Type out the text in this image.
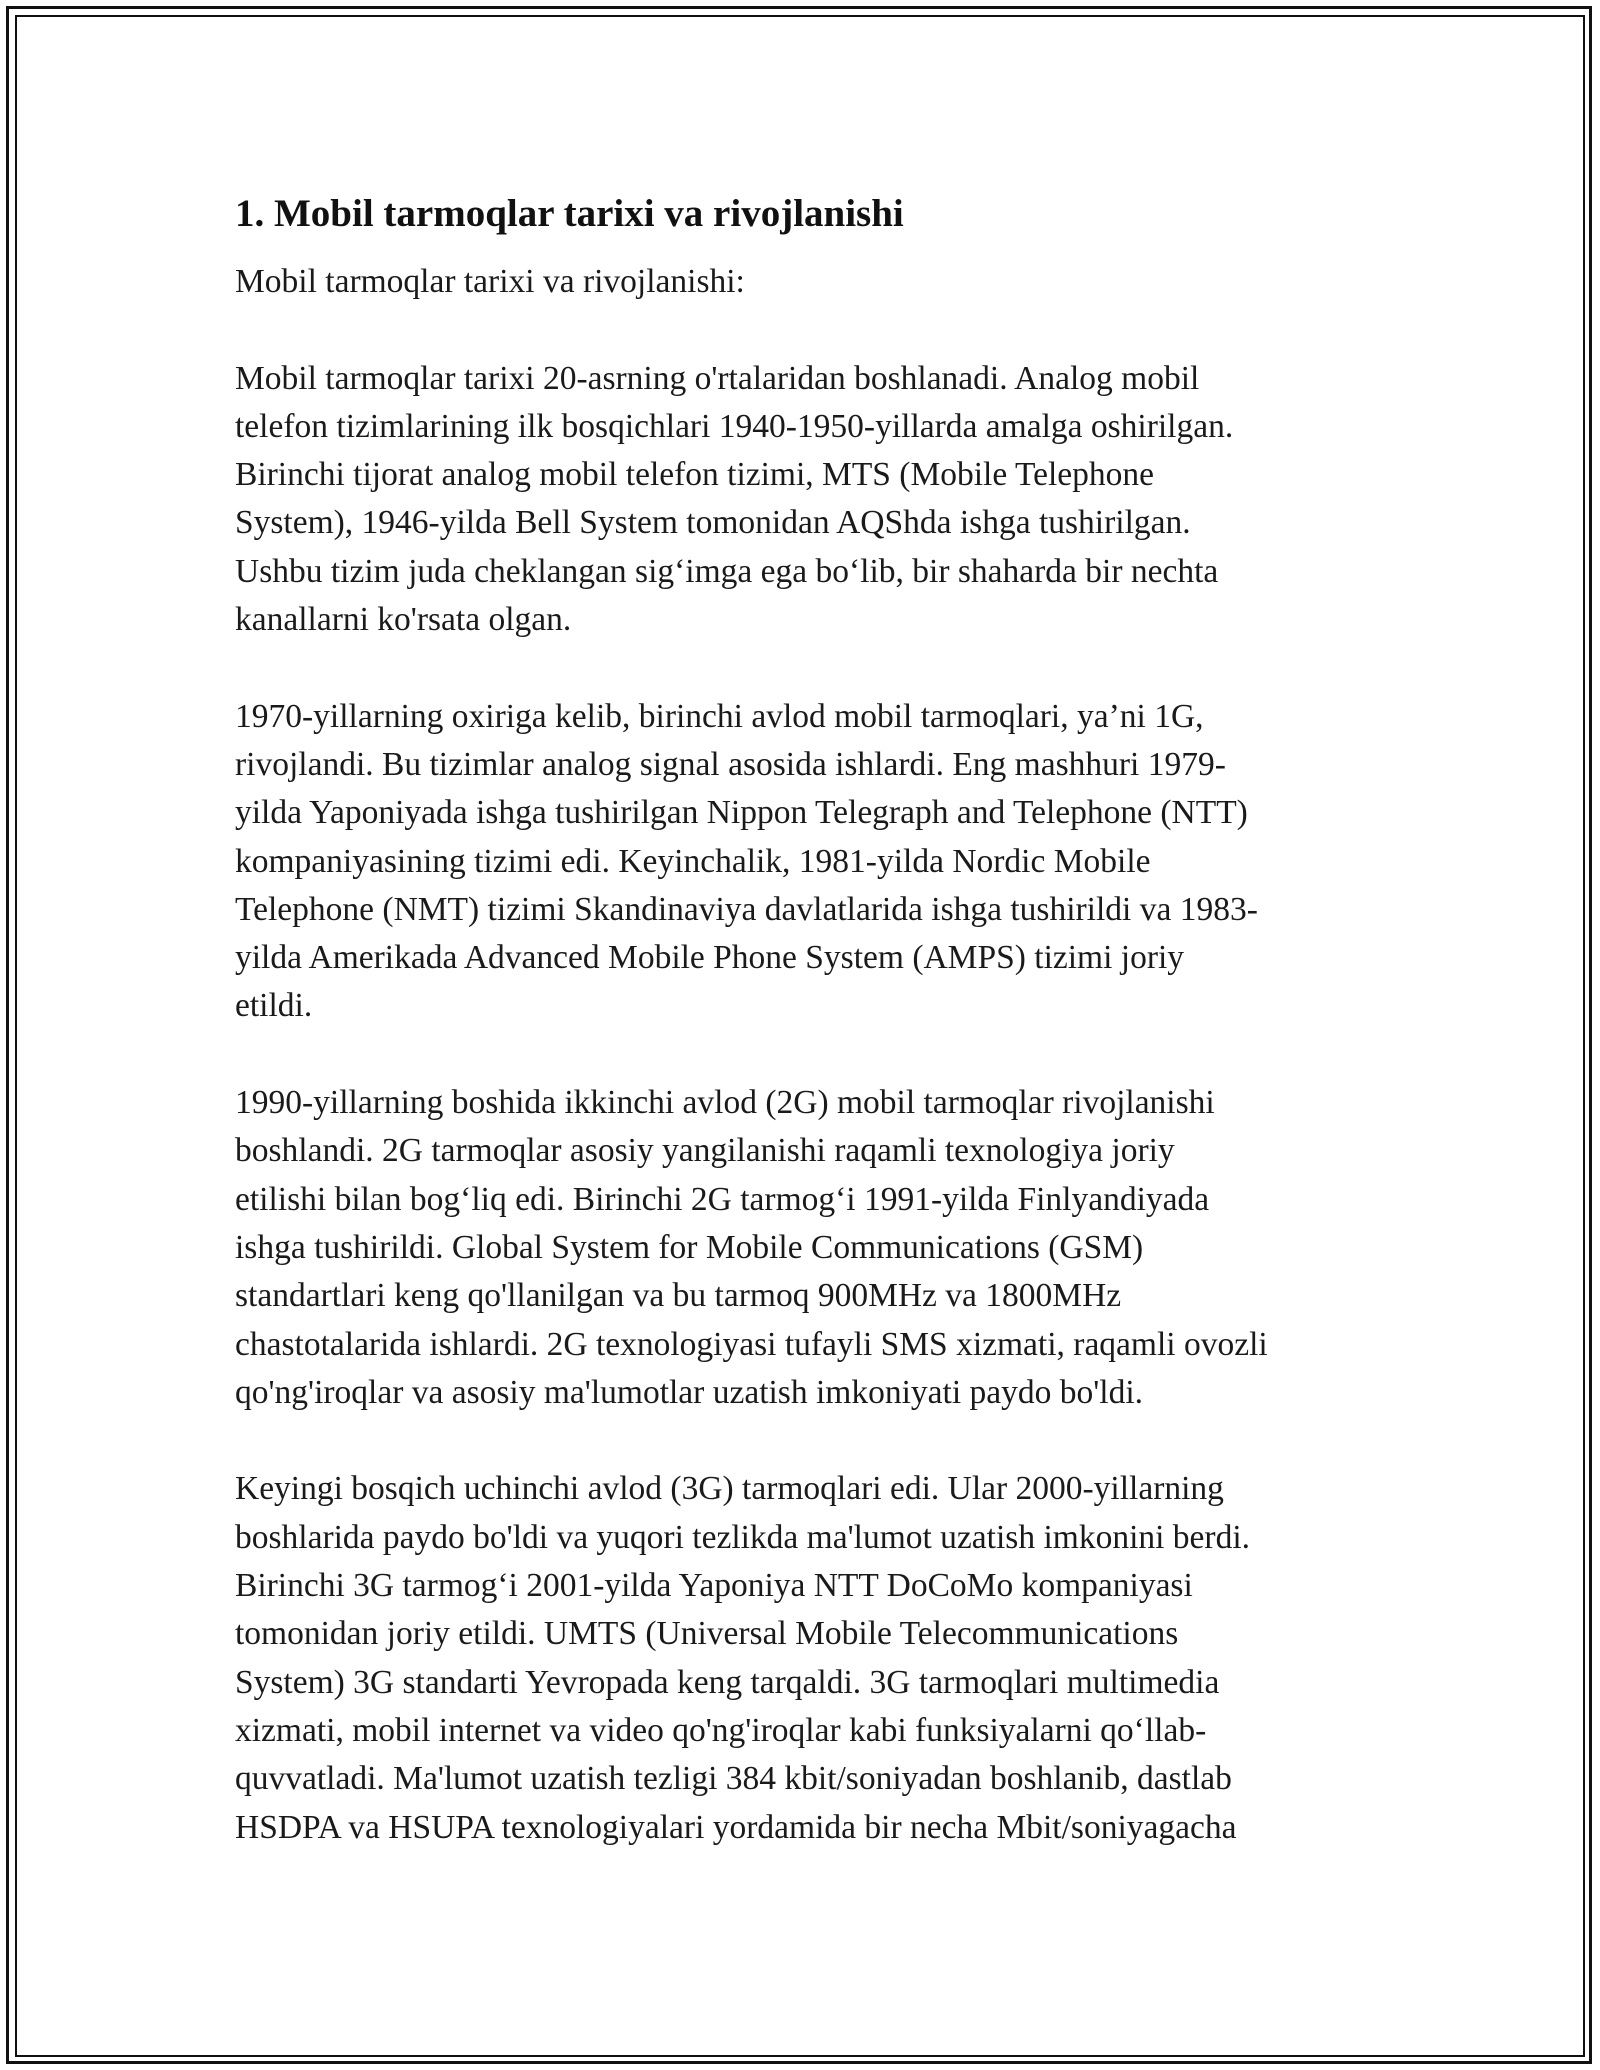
1. Mobil tarmoqlar tarixi va rivojlanishi

Mobil tarmoqlar tarixi va rivojlanishi:

Mobil tarmoqlar tarixi 20-asrning o'rtalaridan boshlanadi. Analog mobil
telefon tizimlarining ilk bosqichlari 1940-1950-yillarda amalga oshirilgan.
Birinchi tijorat analog mobil telefon tizimi, MTS (Mobile Telephone
System), 1946-yilda Bell System tomonidan AQShda ishga tushirilgan.
Ushbu tizim juda cheklangan sig‘imga ega bo‘lib, bir shaharda bir nechta
kanallarni ko'rsata olgan.

1970-yillarning oxiriga kelib, birinchi avlod mobil tarmoqlari, ya’ni 1G,
rivojlandi. Bu tizimlar analog signal asosida ishlardi. Eng mashhuri 1979-
yilda Yaponiyada ishga tushirilgan Nippon Telegraph and Telephone (NTT)
kompaniyasining tizimi edi. Keyinchalik, 1981-yilda Nordic Mobile
Telephone (NMT) tizimi Skandinaviya davlatlarida ishga tushirildi va 1983-
yilda Amerikada Advanced Mobile Phone System (AMPS) tizimi joriy
etildi.

1990-yillarning boshida ikkinchi avlod (2G) mobil tarmoqlar rivojlanishi
boshlandi. 2G tarmoqlar asosiy yangilanishi raqamli texnologiya joriy
etilishi bilan bog‘liq edi. Birinchi 2G tarmog‘i 1991-yilda Finlyandiyada
ishga tushirildi. Global System for Mobile Communications (GSM)
standartlari keng qo'llanilgan va bu tarmoq 900MHz va 1800MHz
chastotalarida ishlardi. 2G texnologiyasi tufayli SMS xizmati, raqamli ovozli
qo'ng'iroqlar va asosiy ma'lumotlar uzatish imkoniyati paydo bo'ldi.

Keyingi bosqich uchinchi avlod (3G) tarmoqlari edi. Ular 2000-yillarning
boshlarida paydo bo'ldi va yuqori tezlikda ma'lumot uzatish imkonini berdi.
Birinchi 3G tarmog‘i 2001-yilda Yaponiya NTT DoCoMo kompaniyasi
tomonidan joriy etildi. UMTS (Universal Mobile Telecommunications
System) 3G standarti Yevropada keng tarqaldi. 3G tarmoqlari multimedia
xizmati, mobil internet va video qo'ng'iroqlar kabi funksiyalarni qo‘llab-
quvvatladi. Ma'lumot uzatish tezligi 384 kbit/soniyadan boshlanib, dastlab
HSDPA va HSUPA texnologiyalari yordamida bir necha Mbit/soniyagacha
